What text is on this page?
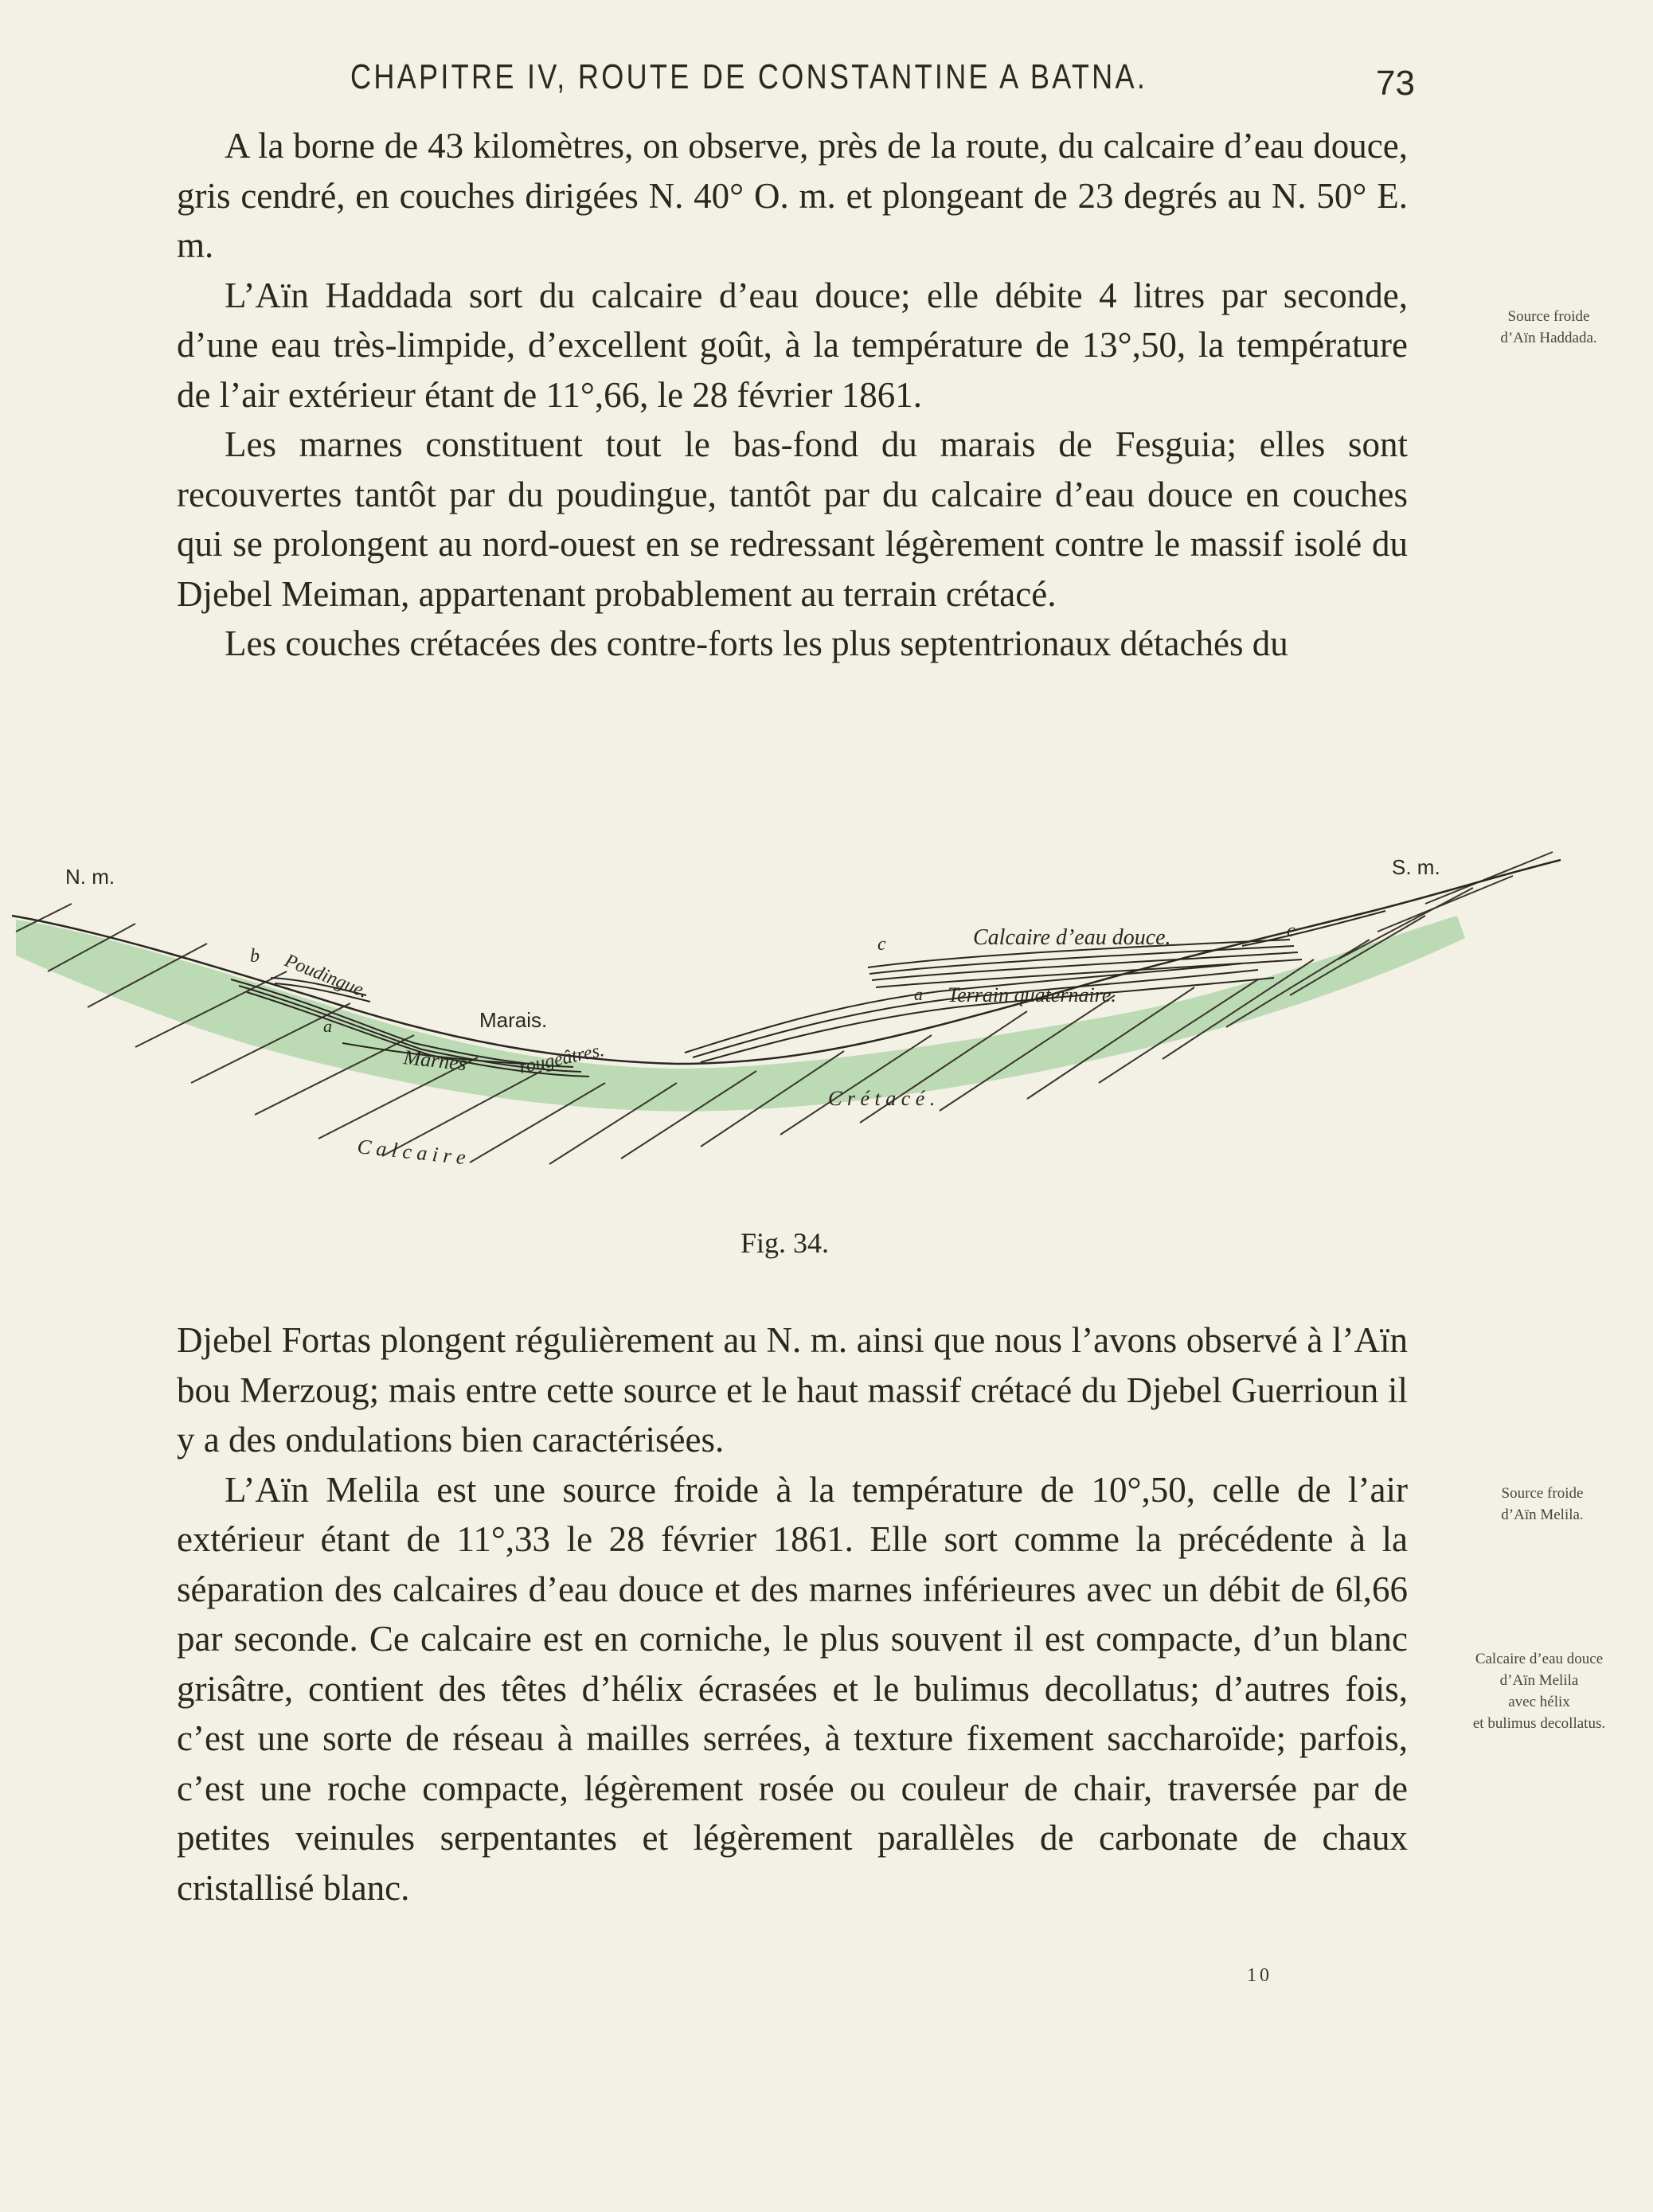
CHAPITRE IV, ROUTE DE CONSTANTINE A BATNA.	73

A la borne de 43 kilomètres, on observe, près de la route, du calcaire d’eau douce, gris cendré, en couches dirigées N. 40° O. m. et plongeant de 23 degrés au N. 50° E. m.

L’Aïn Haddada sort du calcaire d’eau douce; elle débite 4 litres par seconde, d’une eau très-limpide, d’excellent goût, à la température de 13°,50, la température de l’air extérieur étant de 11°,66, le 28 février 1861.

Les marnes constituent tout le bas-fond du marais de Fesguia; elles sont recouvertes tantôt par du poudingue, tantôt par du calcaire d’eau douce en couches qui se prolongent au nord-ouest en se redressant légèrement contre le massif isolé du Djebel Meiman, appartenant probablement au terrain crétacé.

Les couches crétacées des contre-forts les plus septentrionaux détachés du

Source froide
d’Aïn Haddada.
N. m.	S. m.
c	Calcaire d’eau douce.	c
a Terrain quaternaire.
b Poudingue.
a	Marais.
Marnes	rougeâtres.
C r é t a c é .
C a l c a i r e
Fig. 34.

Djebel Fortas plongent régulièrement au N. m. ainsi que nous l’avons observé à l’Aïn bou Merzoug; mais entre cette source et le haut massif crétacé du Djebel Guerrioun il y a des ondulations bien caractérisées.

L’Aïn Melila est une source froide à la température de 10°,50, celle de l’air extérieur étant de 11°,33 le 28 février 1861. Elle sort comme la précédente à la séparation des calcaires d’eau douce et des marnes inférieures avec un débit de 6l,66 par seconde. Ce calcaire est en corniche, le plus souvent il est compacte, d’un blanc grisâtre, contient des têtes d’hélix écrasées et le bulimus decollatus; d’autres fois, c’est une sorte de réseau à mailles serrées, à texture fixement saccharoïde; parfois, c’est une roche compacte, légèrement rosée ou couleur de chair, traversée par de petites veinules serpentantes et légèrement parallèles de carbonate de chaux cristallisé blanc.

Source froide
d’Aïn Melila.
Calcaire d’eau douce
d’Aïn Melila
avec hélix
et bulimus decollatus.
10
